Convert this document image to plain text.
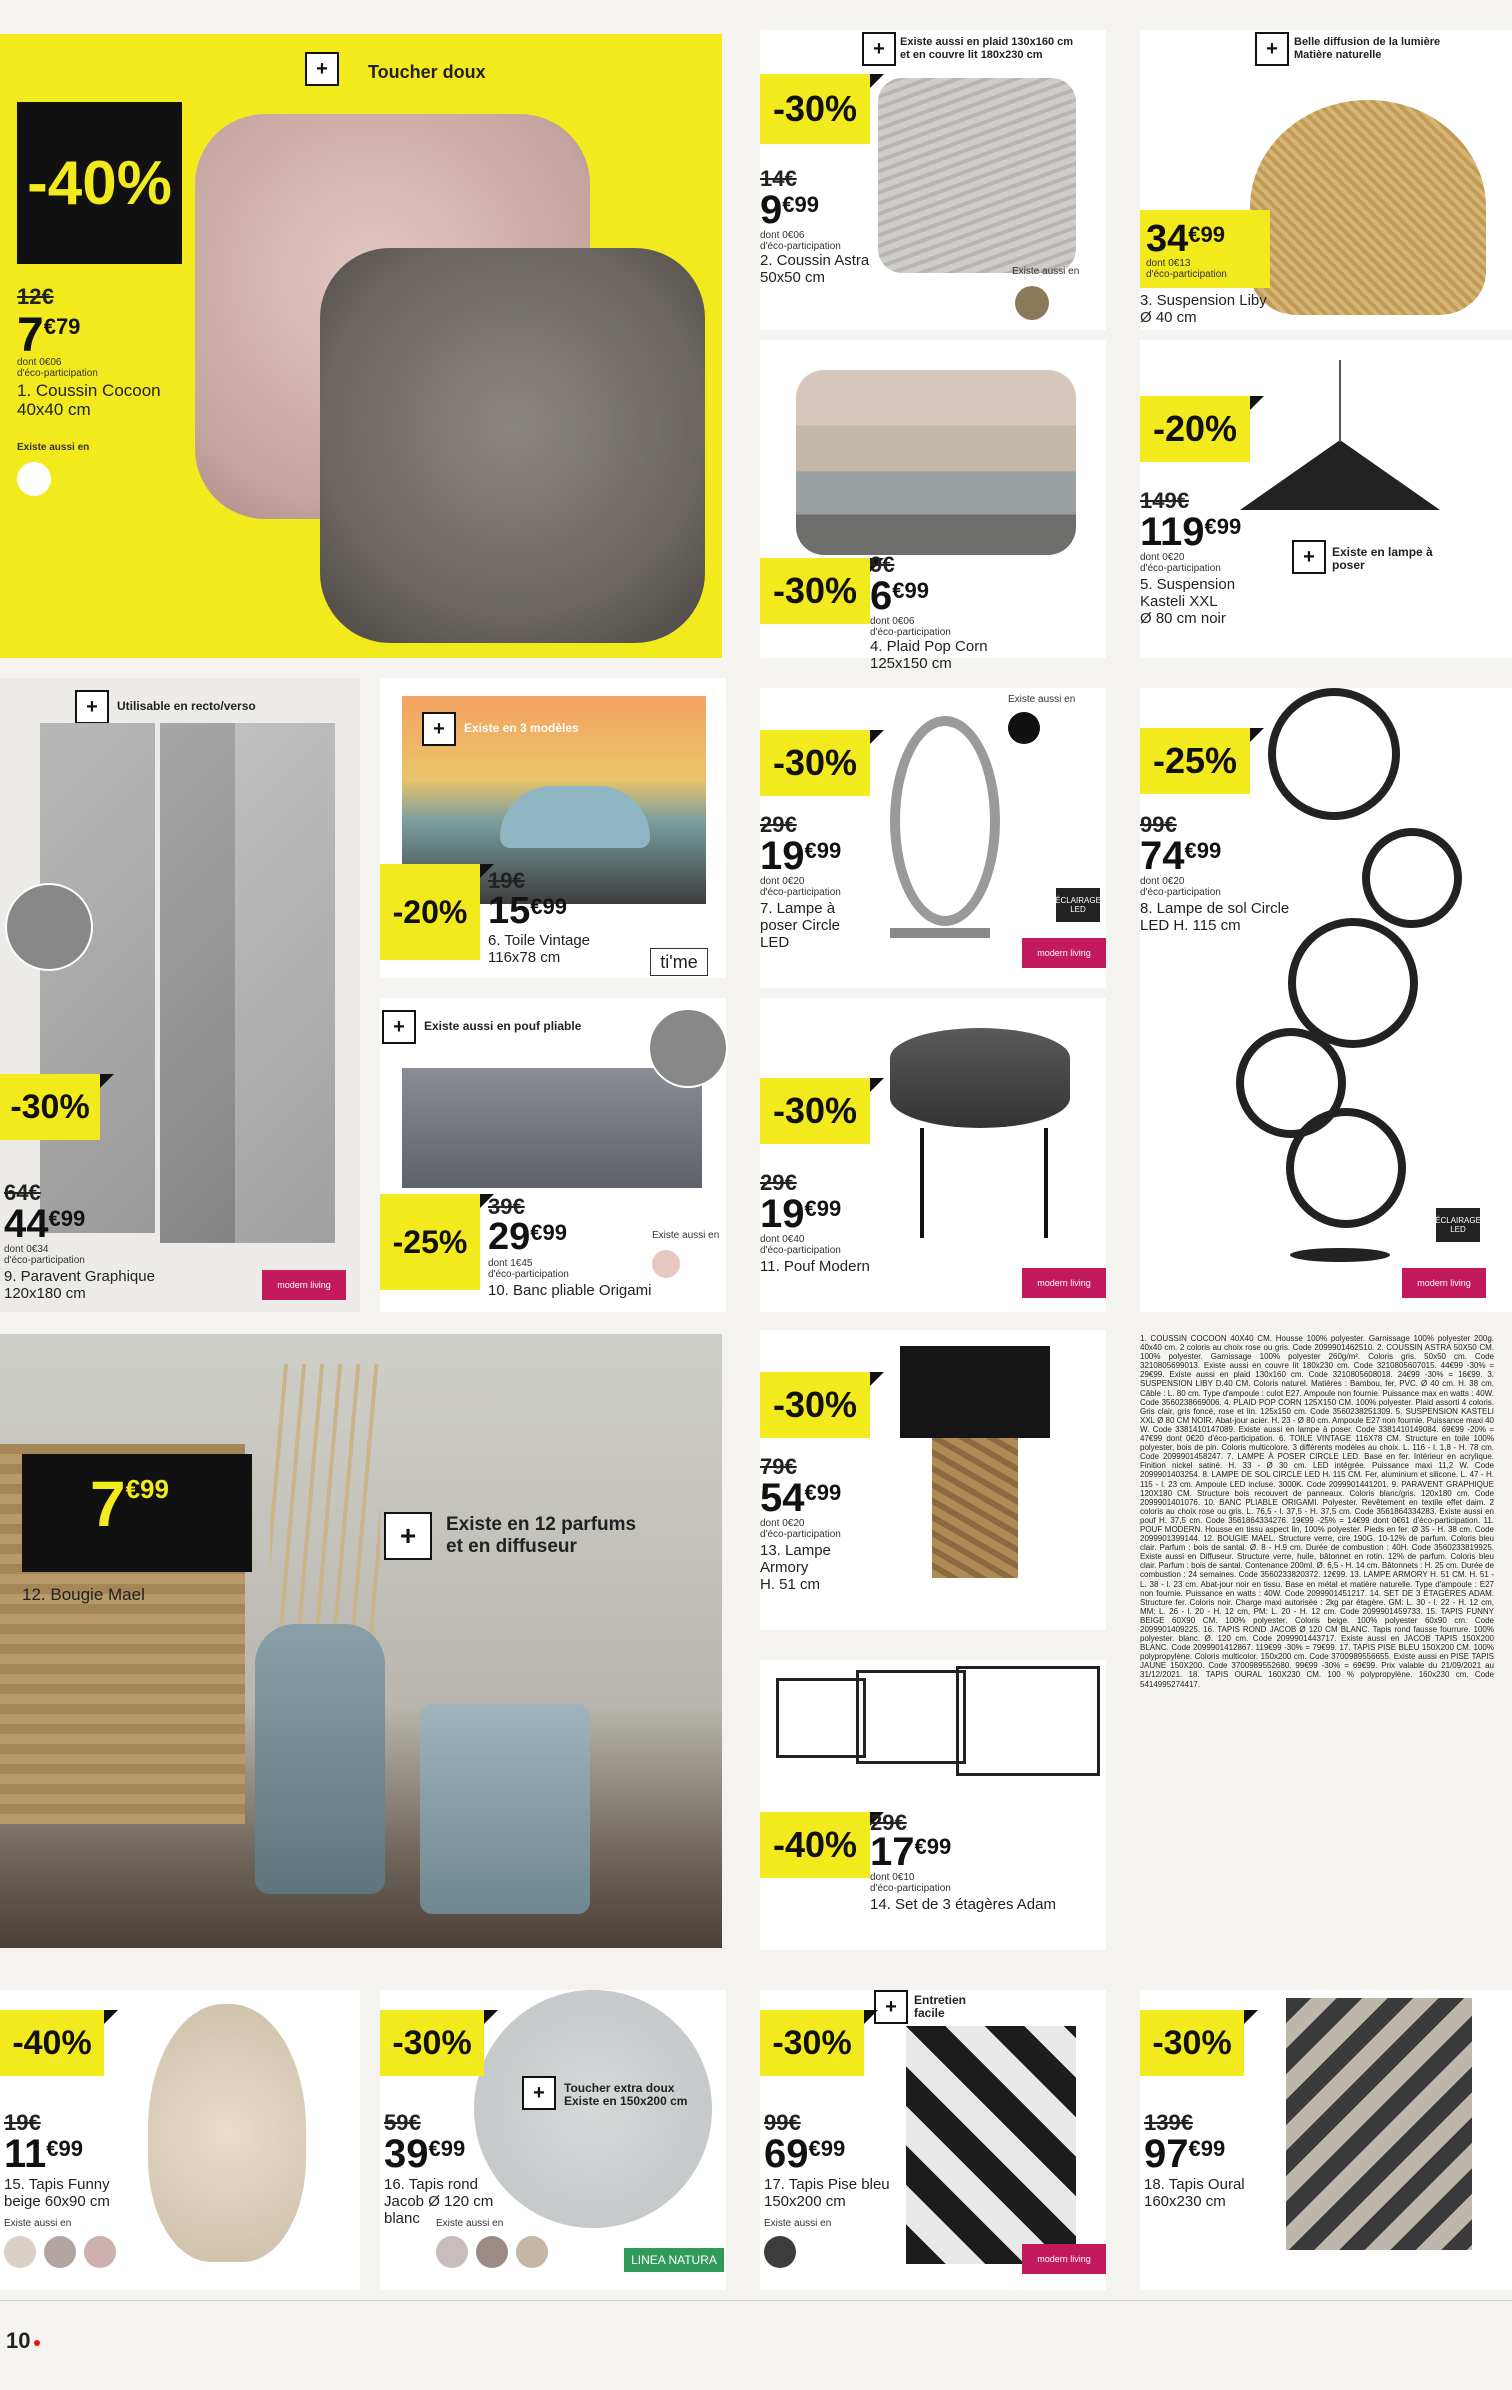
+	Toucher doux
-40%
12€
7€79
dont 0€06
d'éco-participation
1. Coussin Cocoon
40x40 cm
Existe aussi en
+	Existe aussi en plaid 130x160 cm
et en couvre lit 180x230 cm
-30%
14€
9€99
dont 0€06
d'éco-participation
2. Coussin Astra
50x50 cm	Existe aussi en
+	Belle diffusion de la lumière
Matière naturelle
34€99
dont 0€13
d'éco-participation
3. Suspension Liby
Ø 40 cm
-30%
9€
6€99
dont 0€06
d'éco-participation
4. Plaid Pop Corn
125x150 cm
-20%
149€
119€99
dont 0€20
d'éco-participation
5. Suspension
Kasteli XXL
Ø 80 cm noir
+	Existe en lampe à
poser
+	Utilisable en recto/verso
-30%
64€
44€99
dont 0€34
d'éco-participation
9. Paravent Graphique
120x180 cm	modern living
+	Existe en 3 modèles
-20%
19€
15€99
6. Toile Vintage
116x78 cm	ti'me
+	Existe aussi en pouf pliable
-25%
39€
29€99
dont 1€45
d'éco-participation
10. Banc pliable Origami
Existe aussi en
Existe aussi en
-30%
29€
19€99
dont 0€20
d'éco-participation
7. Lampe à
poser Circle
LED
ÉCLAIRAGE LED
modern living
-30%
29€
19€99
dont 0€40
d'éco-participation
11. Pouf Modern
modern living
-25%
99€
74€99
dont 0€20
d'éco-participation
8. Lampe de sol Circle
LED H. 115 cm
ÉCLAIRAGE LED
modern living
7€99
12. Bougie Mael
+	Existe en 12 parfums
et en diffuseur
-30%
79€
54€99
dont 0€20
d'éco-participation
13. Lampe
Armory
H. 51 cm
-40%
29€
17€99
dont 0€10
d'éco-participation
14. Set de 3 étagères Adam
1. COUSSIN COCOON 40X40 CM. Housse 100% polyester. Garnissage 100% polyester 200g. 40x40 cm. 2 coloris au choix rose ou gris. Code 2099901462510. 2. COUSSIN ASTRA 50X50 CM. 100% polyester. Garnissage 100% polyester 260g/m². Coloris gris. 50x50 cm. Code 3210805699013. Existe aussi en couvre lit 180x230 cm. Code 3210805607015. 44€99 -30% = 29€99. Existe aussi en plaid 130x160 cm. Code 3210805608018. 24€99 -30% = 16€99. 3. SUSPENSION LIBY D.40 CM. Coloris naturel. Matières : Bambou, fer, PVC. Ø 40 cm. H. 38 cm. Câble : L. 80 cm. Type d'ampoule : culot E27. Ampoule non fournie. Puissance max en watts : 40W. Code 3560238669006. 4. PLAID POP CORN 125X150 CM. 100% polyester. Plaid assorti 4 coloris. Gris clair, gris foncé, rose et lin. 125x150 cm. Code 3560238251309. 5. SUSPENSION KASTELI XXL Ø 80 CM NOIR. Abat-jour acier. H. 23 - Ø 80 cm. Ampoule E27 non fournie. Puissance maxi 40 W. Code 3381410147089. Existe aussi en lampe à poser. Code 3381410149084. 69€99 -20% = 47€99 dont 0€20 d'éco-participation. 6. TOILE VINTAGE 116X78 CM. Structure en toile 100% polyester, bois de pin. Coloris multicolore. 3 différents modèles au choix. L. 116 - l. 1,8 - H. 78 cm. Code 2099901458247. 7. LAMPE À POSER CIRCLE LED. Base en fer. Intérieur en acrylique. Finition nickel satiné. H. 33 - Ø 30 cm. LED intégrée. Puissance maxi 11,2 W. Code 2099901403254. 8. LAMPE DE SOL CIRCLE LED H. 115 CM. Fer, aluminium et silicone. L. 47 - H. 115 - l. 23 cm. Ampoule LED incluse. 3000K. Code 2099901441201. 9. PARAVENT GRAPHIQUE 120X180 CM. Structure bois recouvert de panneaux. Coloris blanc/gris. 120x180 cm. Code 2099901401076. 10. BANC PLIABLE ORIGAMI. Polyester. Revêtement en textile effet daim. 2 coloris au choix rose ou gris. L. 76,5 - l. 37,5 - H. 37,5 cm. Code 3561864334283. Existe aussi en pouf H. 37,5 cm. Code 3561864334276. 19€99 -25% = 14€99 dont 0€61 d'éco-participation. 11. POUF MODERN. Housse en tissu aspect lin, 100% polyester. Pieds en fer. Ø 35 - H. 38 cm. Code 2099901399144. 12. BOUGIE MAEL. Structure verre, cire 190G. 10-12% de parfum. Coloris bleu clair. Parfum : bois de santal. Ø. 8 - H.9 cm. Durée de combustion : 40H. Code 3560233819925. Existe aussi en Diffuseur. Structure verre, huile, bâtonnet en rotin. 12% de parfum. Coloris bleu clair. Parfum : bois de santal. Contenance 200ml. Ø. 6,5 - H. 14 cm. Bâtonnets : H. 25 cm. Durée de combustion : 24 semaines. Code 3560233820372. 12€99. 13. LAMPE ARMORY H. 51 CM. H. 51 - L. 38 - l. 23 cm. Abat-jour noir en tissu. Base en métal et matière naturelle. Type d'ampoule : E27 non fournie. Puissance en watts : 40W. Code 2099901451217. 14. SET DE 3 ÉTAGÈRES ADAM. Structure fer. Coloris noir. Charge maxi autorisée : 2kg par étagère. GM: L. 30 - l. 22 - H. 12 cm, MM: L. 26 - l. 20 - H. 12 cm, PM: L. 20 - H. 12 cm. Code 2099901459733. 15. TAPIS FUNNY BEIGE 60X90 CM. 100% polyester. Coloris beige. 100% polyester 60x90 cm. Code 2099901409225. 16. TAPIS ROND JACOB Ø 120 CM BLANC. Tapis rond fausse fourrure. 100% polyester. blanc. Ø. 120 cm. Code 2099901443717. Existe aussi en JACOB TAPIS 150X200 BLANC. Code 2099901412867. 119€99 -30% = 79€99. 17. TAPIS PISE BLEU 150X200 CM. 100% polypropylène. Coloris multicolor. 150x200 cm. Code 3700989556655. Existe aussi en PISE TAPIS JAUNE 150X200. Code 3700989552680. 99€99 -30% = 69€99. Prix valable du 21/09/2021 au 31/12/2021. 18. TAPIS OURAL 160X230 CM. 100 % polypropylène. 160x230 cm. Code 5414995274417.
-40%
19€
11€99
15. Tapis Funny
beige 60x90 cm
Existe aussi en
-30%
+	Toucher extra doux
Existe en 150x200 cm
59€
39€99
16. Tapis rond
Jacob Ø 120 cm
blanc	Existe aussi en
LINEA NATURA
+	Entretien
facile
-30%
99€
69€99
17. Tapis Pise bleu
150x200 cm
Existe aussi en
modern living
-30%
139€
97€99
18. Tapis Oural
160x230 cm
10
